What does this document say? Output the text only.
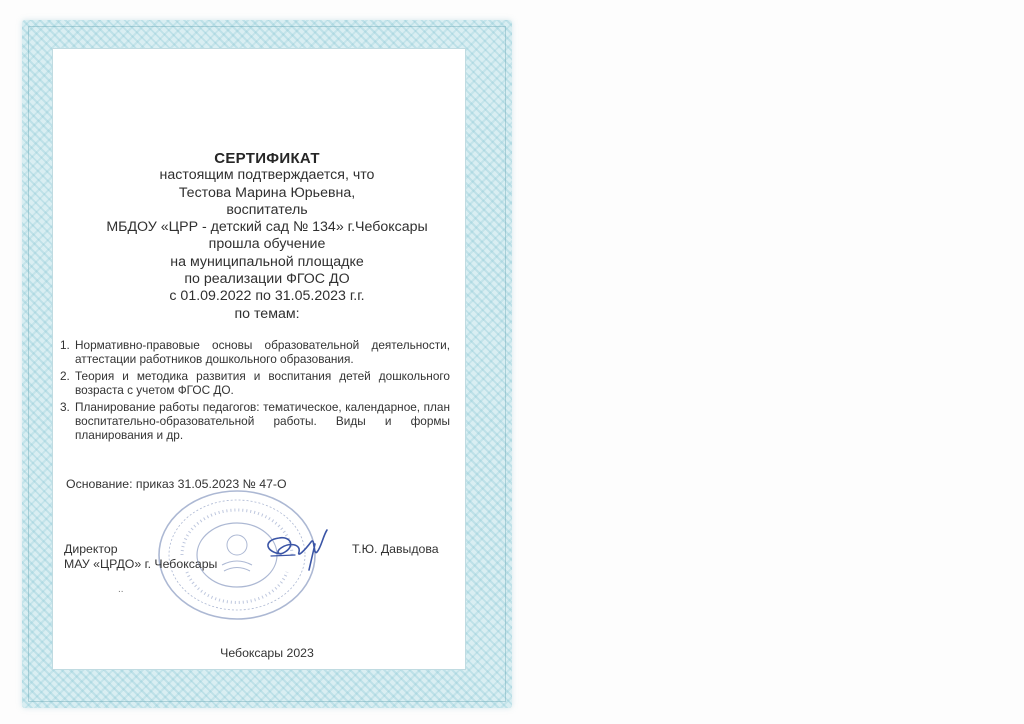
СЕРТИФИКАТ
настоящим подтверждается, что
Тестова Марина Юрьевна,
воспитатель
МБДОУ «ЦРР - детский сад № 134» г.Чебоксары
прошла обучение
на муниципальной площадке
по реализации ФГОС ДО
с 01.09.2022 по 31.05.2023 г.г.
по темам:
1. Нормативно-правовые основы образовательной деятельности, аттестации работников дошкольного образования.
2. Теория и методика развития и воспитания детей дошкольного возраста с учетом ФГОС ДО.
3. Планирование работы педагогов: тематическое, календарное, план воспитательно-образовательной работы. Виды и формы планирования и др.
Основание: приказ 31.05.2023 № 47-О
Директор
МАУ «ЦРДО» г. Чебоксары
..
Т.Ю. Давыдова
Чебоксары 2023
